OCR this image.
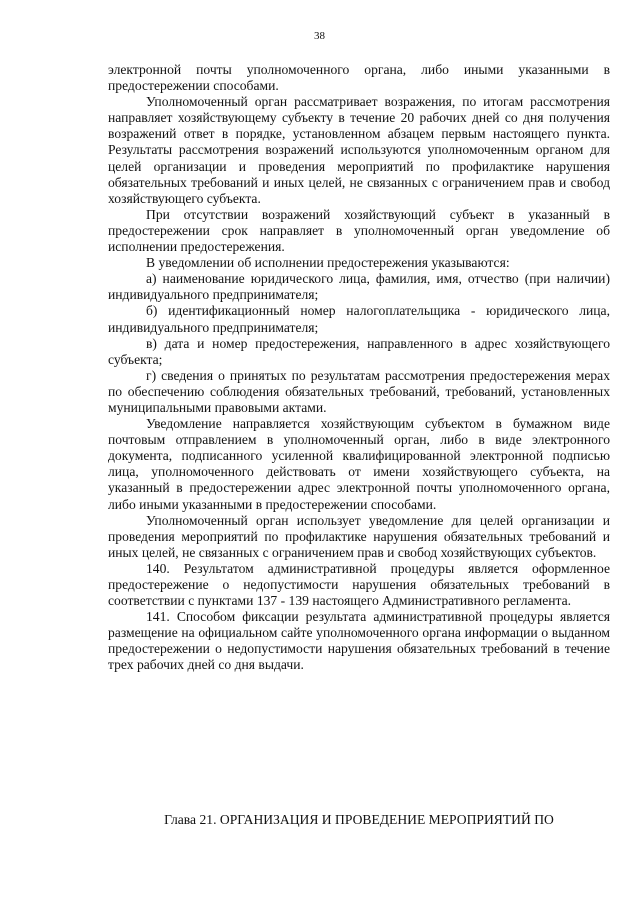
38

электронной почты уполномоченного органа, либо иными указанными в предостережении способами.

Уполномоченный орган рассматривает возражения, по итогам рассмотрения направляет хозяйствующему субъекту в течение 20 рабочих дней со дня получения возражений ответ в порядке, установленном абзацем первым настоящего пункта. Результаты рассмотрения возражений используются уполномоченным органом для целей организации и проведения мероприятий по профилактике нарушения обязательных требований и иных целей, не связанных с ограничением прав и свобод хозяйствующего субъекта.

При отсутствии возражений хозяйствующий субъект в указанный в предостережении срок направляет в уполномоченный орган уведомление об исполнении предостережения.

В уведомлении об исполнении предостережения указываются:

а) наименование юридического лица, фамилия, имя, отчество (при наличии) индивидуального предпринимателя;

б) идентификационный номер налогоплательщика - юридического лица, индивидуального предпринимателя;

в) дата и номер предостережения, направленного в адрес хозяйствующего субъекта;

г) сведения о принятых по результатам рассмотрения предостережения мерах по обеспечению соблюдения обязательных требований, требований, установленных муниципальными правовыми актами.

Уведомление направляется хозяйствующим субъектом в бумажном виде почтовым отправлением в уполномоченный орган, либо в виде электронного документа, подписанного усиленной квалифицированной электронной подписью лица, уполномоченного действовать от имени хозяйствующего субъекта, на указанный в предостережении адрес электронной почты уполномоченного органа, либо иными указанными в предостережении способами.

Уполномоченный орган использует уведомление для целей организации и проведения мероприятий по профилактике нарушения обязательных требований и иных целей, не связанных с ограничением прав и свобод хозяйствующих субъектов.

140. Результатом административной процедуры является оформленное предостережение о недопустимости нарушения обязательных требований в соответствии с пунктами 137 - 139 настоящего Административного регламента.

141. Способом фиксации результата административной процедуры является размещение на официальном сайте уполномоченного органа информации о выданном предостережении о недопустимости нарушения обязательных требований в течение трех рабочих дней со дня выдачи.

Глава 21. ОРГАНИЗАЦИЯ И ПРОВЕДЕНИЕ МЕРОПРИЯТИЙ ПО
